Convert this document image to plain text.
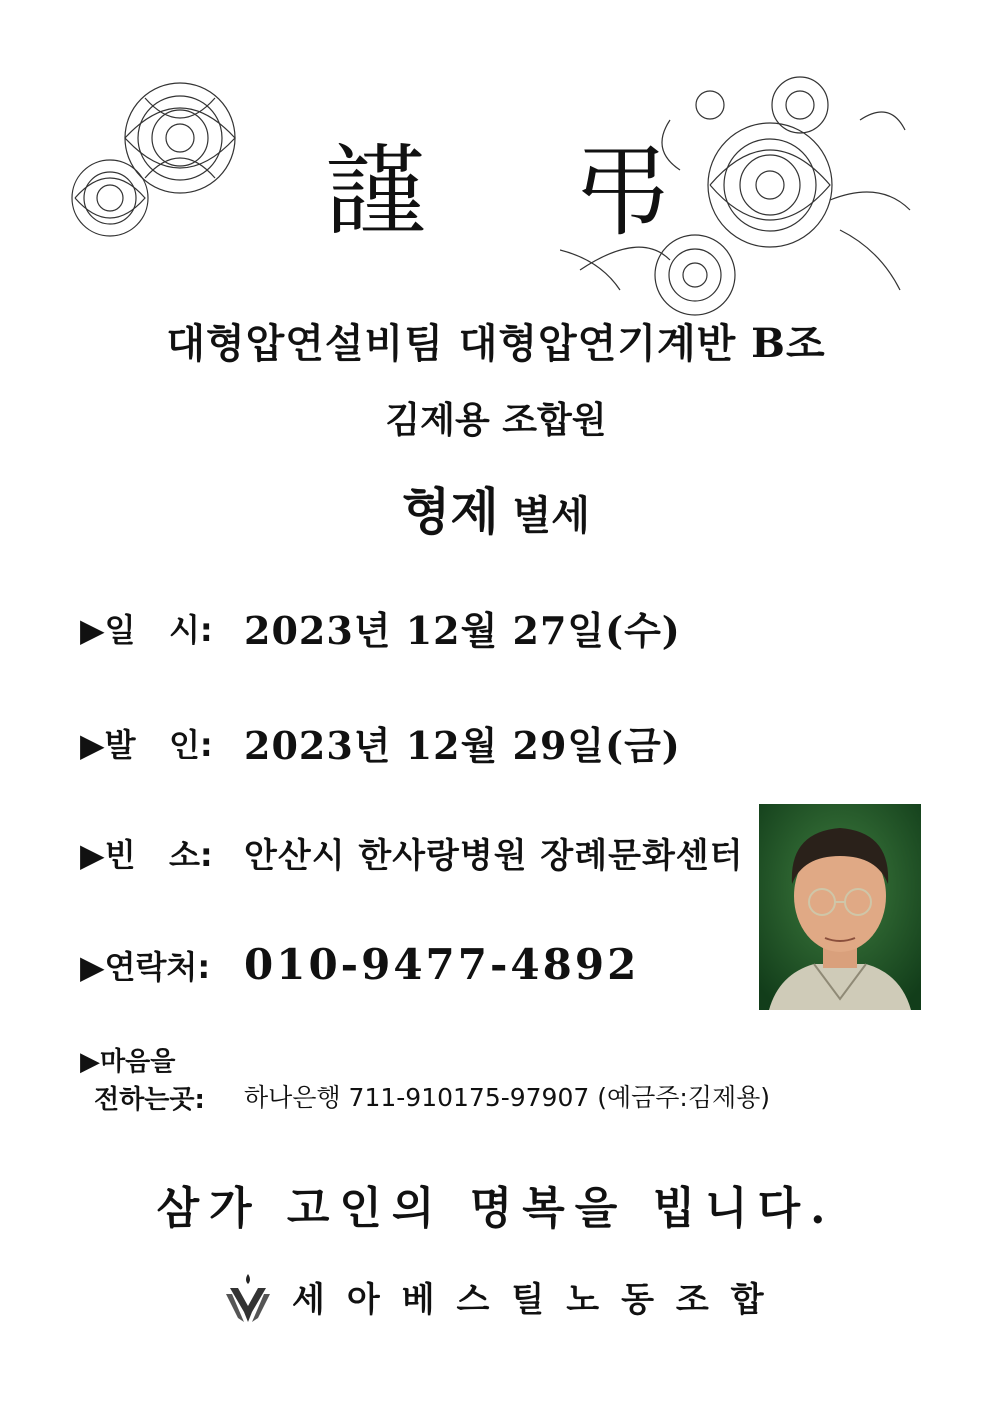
謹 弔
대형압연설비팀 대형압연기계반 B조
김제용 조합원
형제 별세
▶일   시: 2023년 12월 27일(수)
▶발   인: 2023년 12월 29일(금)
▶빈   소: 안산시 한사랑병원 장례문화센터
▶연락처: 010-9477-4892
▶마음을
전하는곳:	하나은행 711-910175-97907 (예금주:김제용)
삼가 고인의 명복을 빕니다.
세아베스틸노동조합
